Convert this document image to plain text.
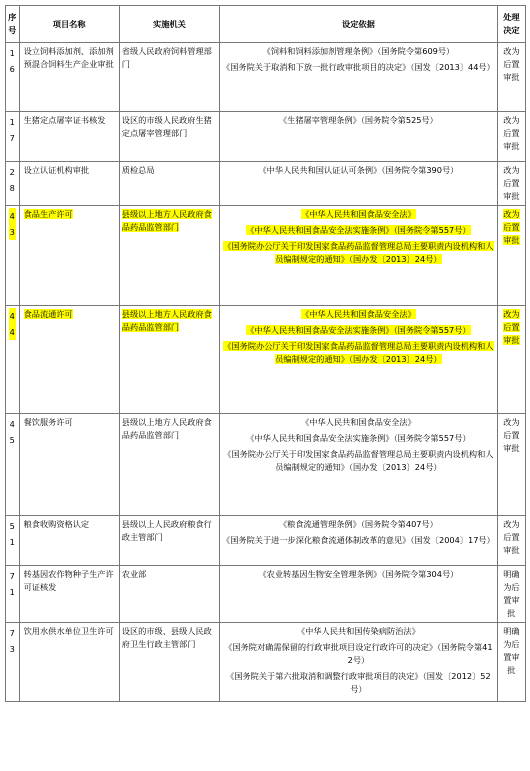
序号	项目名称	实施机关	设定依据	处理决定
16	设立饲料添加剂、添加剂预混合饲料生产企业审批	省级人民政府饲料管理部门	《饲料和饲料添加剂管理条例》（国务院令第609号）

《国务院关于取消和下放一批行政审批项目的决定》（国发〔2013〕44号）	改为后置审批
17	生猪定点屠宰证书核发	设区的市级人民政府生猪定点屠宰管理部门	《生猪屠宰管理条例》（国务院令第525号）	改为后置审批
28	设立认证机构审批	质检总局	《中华人民共和国认证认可条例》（国务院令第390号）	改为后置审批
43	食品生产许可	县级以上地方人民政府食品药品监管部门	《中华人民共和国食品安全法》

《中华人民共和国食品安全法实施条例》（国务院令第557号）

《国务院办公厅关于印发国家食品药品监督管理总局主要职责内设机构和人员编制规定的通知》（国办发〔2013〕24号）	改为后置审批
44	食品流通许可	县级以上地方人民政府食品药品监管部门	《中华人民共和国食品安全法》

《中华人民共和国食品安全法实施条例》（国务院令第557号）

《国务院办公厅关于印发国家食品药品监督管理总局主要职责内设机构和人员编制规定的通知》（国办发〔2013〕24号）	改为后置审批
45	餐饮服务许可	县级以上地方人民政府食品药品监管部门	《中华人民共和国食品安全法》

《中华人民共和国食品安全法实施条例》（国务院令第557号）

《国务院办公厅关于印发国家食品药品监督管理总局主要职责内设机构和人员编制规定的通知》（国办发〔2013〕24号）	改为后置审批
51	粮食收购资格认定	县级以上人民政府粮食行政主管部门	《粮食流通管理条例》（国务院令第407号）

《国务院关于进一步深化粮食流通体制改革的意见》（国发〔2004〕17号）	改为后置审批
71	转基因农作物种子生产许可证核发	农业部	《农业转基因生物安全管理条例》（国务院令第304号）	明确为后置审批
73	饮用水供水单位卫生许可	设区的市级、县级人民政府卫生行政主管部门	《中华人民共和国传染病防治法》

《国务院对确需保留的行政审批项目设定行政许可的决定》（国务院令第412号）

《国务院关于第六批取消和调整行政审批项目的决定》（国发〔2012〕52号）	明确为后置审批
